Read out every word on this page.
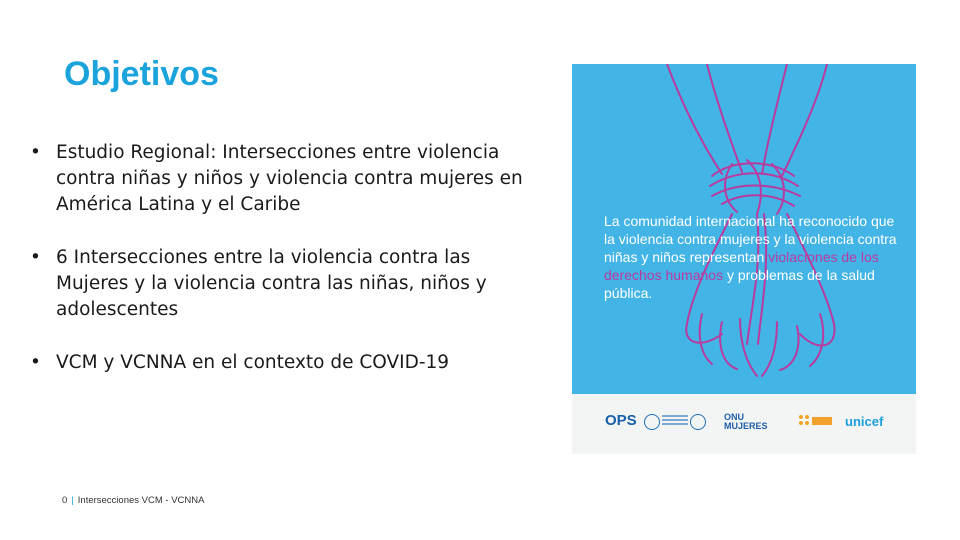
Objetivos
• Estudio Regional: Intersecciones entre violencia contra niñas y niños y violencia contra mujeres en América Latina y el Caribe
• 6 Intersecciones entre la violencia contra las Mujeres y la violencia contra las niñas, niños y adolescentes
• VCM y VCNNA en el contexto de COVID-19
La comunidad internacional ha reconocido que la violencia contra mujeres y la violencia contra niñas y niños representan violaciones de los derechos humanos y problemas de la salud pública.
OPS	ONU MUJERES	unicef
0 | Intersecciones VCM - VCNNA
